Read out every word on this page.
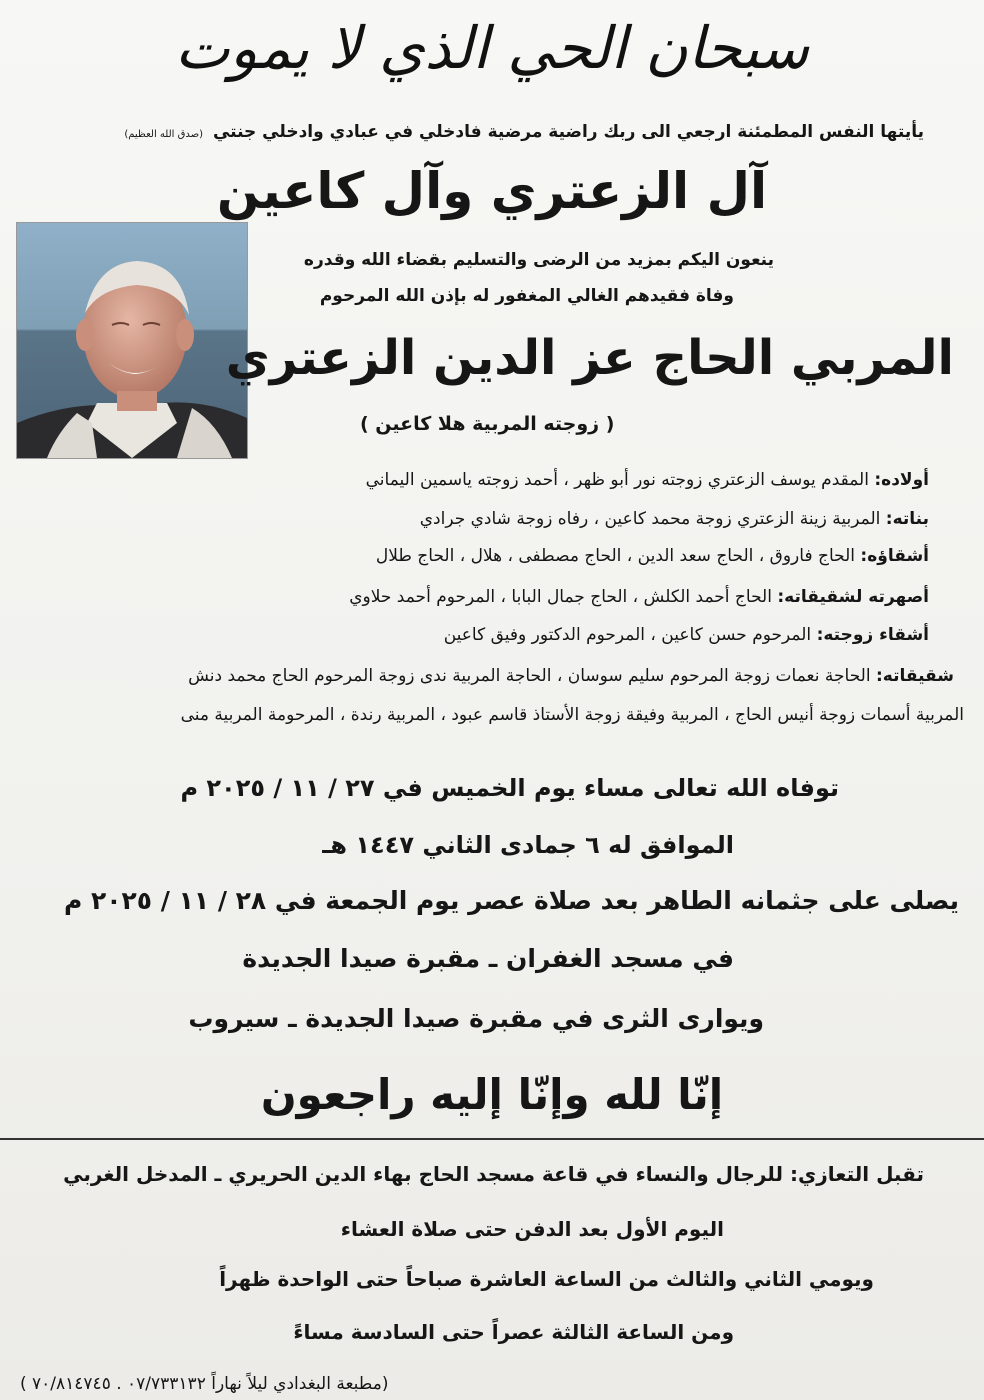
سبحان الحي الذي لا يموت
يأيتها النفس المطمئنة ارجعي الى ربك راضية مرضية فادخلي في عبادي وادخلي جنتي (صدق الله العظيم)
آل الزعتري وآل كاعين
ينعون اليكم بمزيد من الرضى والتسليم بقضاء الله وقدره
وفاة فقيدهم الغالي المغفور له بإذن الله المرحوم
المربي الحاج عز الدين الزعتري
( زوجته المربية هلا كاعين )
أولاده: المقدم يوسف الزعتري زوجته نور أبو ظهر ، أحمد زوجته ياسمين اليماني
بناته: المربية زينة الزعتري زوجة محمد كاعين ، رفاه زوجة شادي جرادي
أشقاؤه: الحاج فاروق ، الحاج سعد الدين ، الحاج مصطفى ، هلال ، الحاج طلال
أصهرته لشقيقاته: الحاج أحمد الكلش ، الحاج جمال البابا ، المرحوم أحمد حلاوي
أشقاء زوجته: المرحوم حسن كاعين ، المرحوم الدكتور وفيق كاعين
شقيقاته: الحاجة نعمات زوجة المرحوم سليم سوسان ، الحاجة المربية ندى زوجة المرحوم الحاج محمد دنش
المربية أسمات زوجة أنيس الحاج ، المربية وفيقة زوجة الأستاذ قاسم عبود ، المربية رندة ، المرحومة المربية منى
توفاه الله تعالى مساء يوم الخميس في ٢٧ / ١١ / ٢٠٢٥ م
الموافق له ٦ جمادى الثاني ١٤٤٧ هـ
يصلى على جثمانه الطاهر بعد صلاة عصر يوم الجمعة في ٢٨ / ١١ / ٢٠٢٥ م
في مسجد الغفران ـ مقبرة صيدا الجديدة
ويوارى الثرى في مقبرة صيدا الجديدة ـ سيروب
إنّا لله وإنّا إليه راجعون
تقبل التعازي: للرجال والنساء في قاعة مسجد الحاج بهاء الدين الحريري ـ المدخل الغربي
اليوم الأول بعد الدفن حتى صلاة العشاء
ويومي الثاني والثالث من الساعة العاشرة صباحاً حتى الواحدة ظهراً
ومن الساعة الثالثة عصراً حتى السادسة مساءً
(مطبعة البغدادي ليلاً نهاراً ٠٧/٧٣٣١٣٢ . ٧٠/٨١٤٧٤٥ )
